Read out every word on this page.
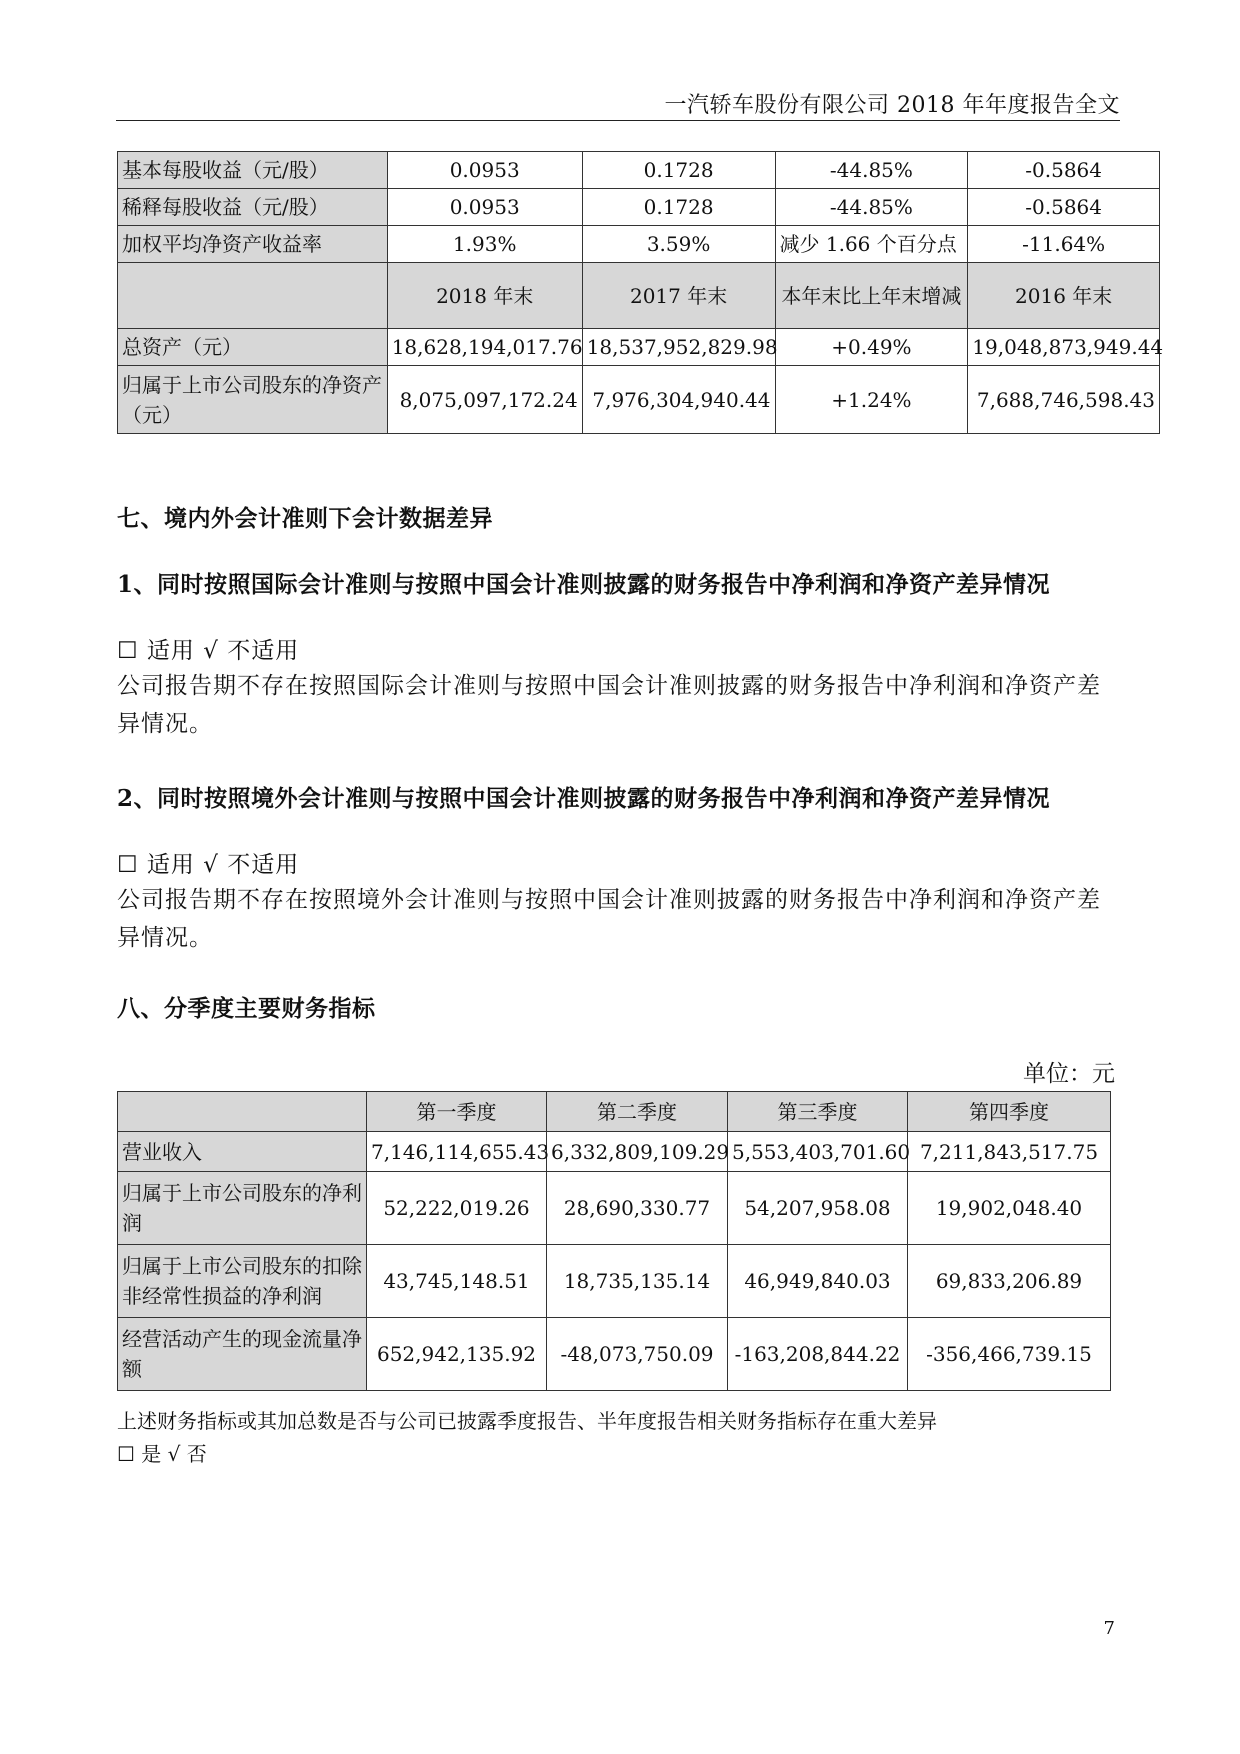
一汽轿车股份有限公司 2018 年年度报告全文
基本每股收益（元/股）	0.0953	0.1728	-44.85%	-0.5864
稀释每股收益（元/股）	0.0953	0.1728	-44.85%	-0.5864
加权平均净资产收益率	1.93%	3.59%	减少 1.66 个百分点	-11.64%
	2018 年末	2017 年末	本年末比上年末增减	2016 年末
总资产（元）	18,628,194,017.76	18,537,952,829.98	+0.49%	19,048,873,949.44
归属于上市公司股东的净资产（元）	8,075,097,172.24	7,976,304,940.44	+1.24%	7,688,746,598.43
七、境内外会计准则下会计数据差异
1、同时按照国际会计准则与按照中国会计准则披露的财务报告中净利润和净资产差异情况
☐ 适用 √ 不适用
公司报告期不存在按照国际会计准则与按照中国会计准则披露的财务报告中净利润和净资产差异情况。
2、同时按照境外会计准则与按照中国会计准则披露的财务报告中净利润和净资产差异情况
☐ 适用 √ 不适用
公司报告期不存在按照境外会计准则与按照中国会计准则披露的财务报告中净利润和净资产差异情况。
八、分季度主要财务指标
单位：元
	第一季度	第二季度	第三季度	第四季度
营业收入	7,146,114,655.43	6,332,809,109.29	5,553,403,701.60	7,211,843,517.75
归属于上市公司股东的净利润	52,222,019.26	28,690,330.77	54,207,958.08	19,902,048.40
归属于上市公司股东的扣除非经常性损益的净利润	43,745,148.51	18,735,135.14	46,949,840.03	69,833,206.89
经营活动产生的现金流量净额	652,942,135.92	-48,073,750.09	-163,208,844.22	-356,466,739.15
上述财务指标或其加总数是否与公司已披露季度报告、半年度报告相关财务指标存在重大差异
☐ 是 √ 否
7
